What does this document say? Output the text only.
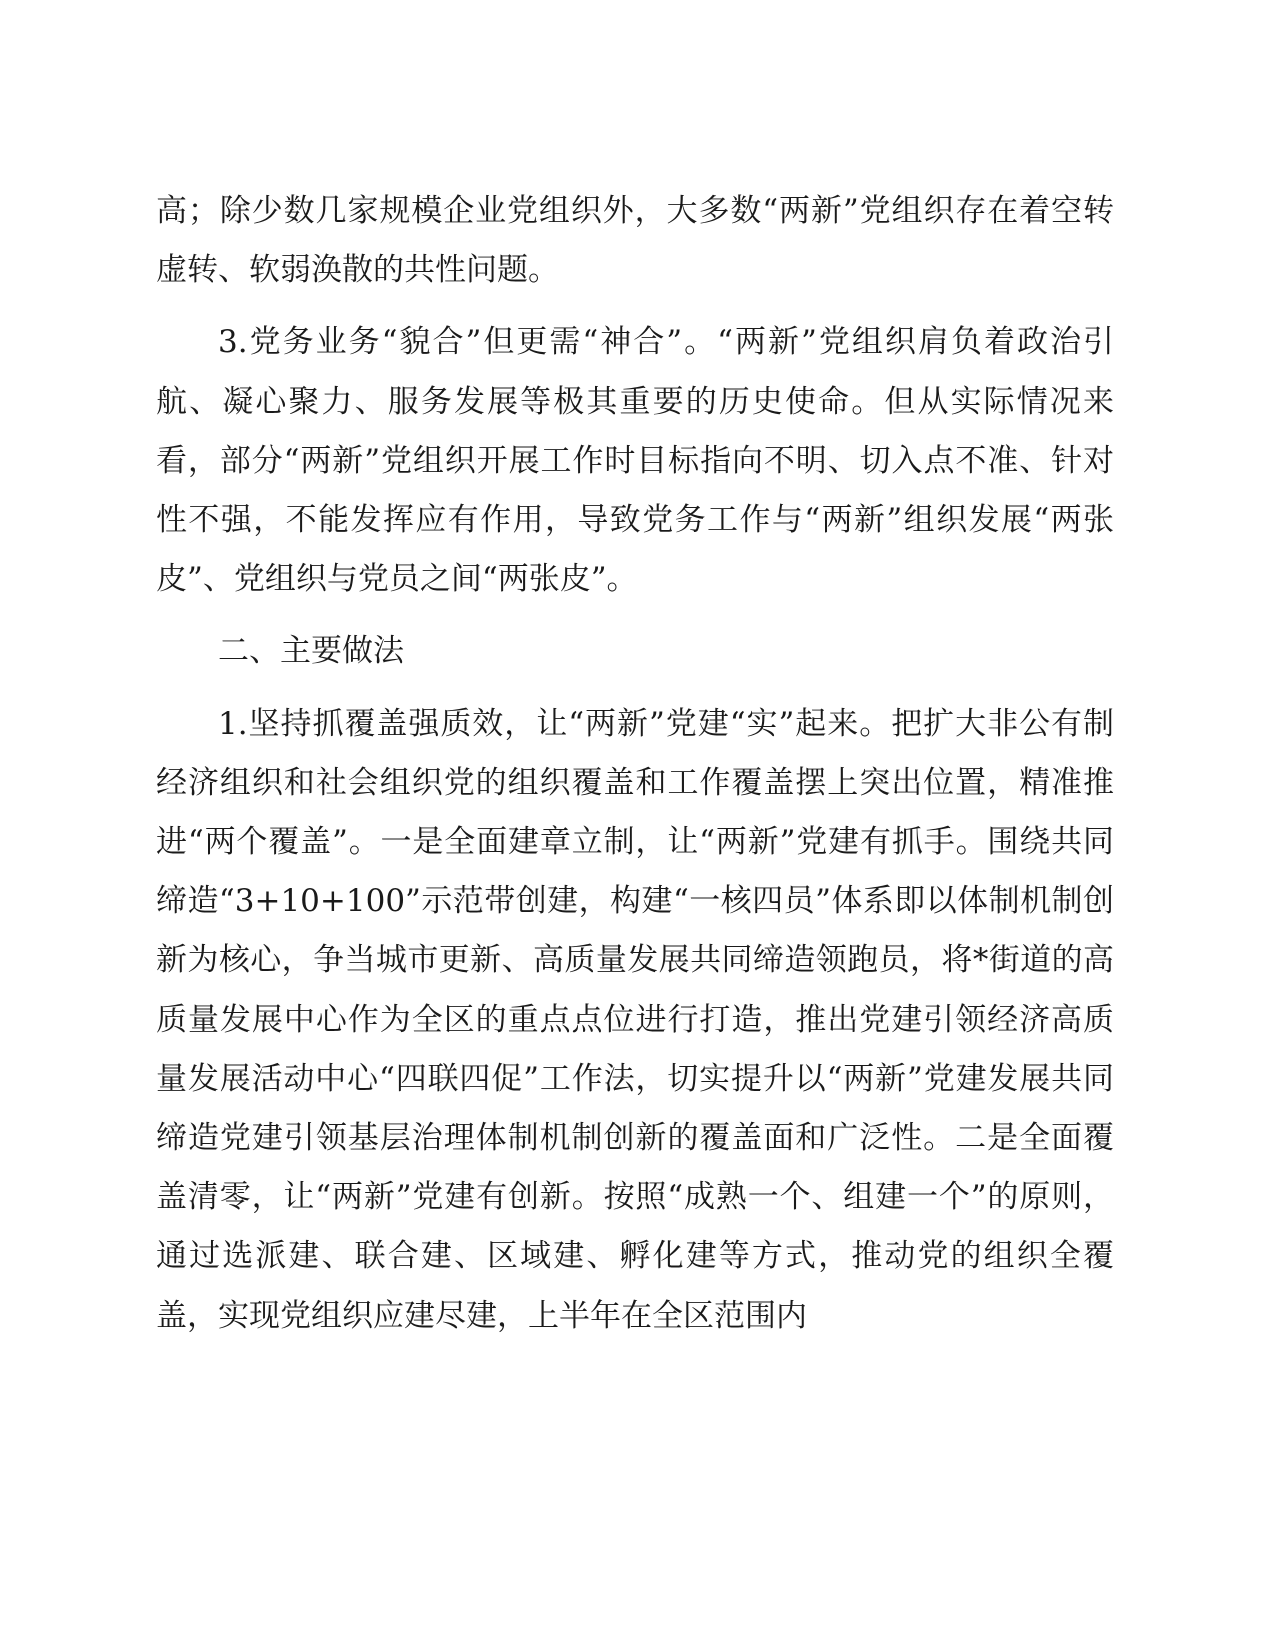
高；除少数几家规模企业党组织外，大多数“两新”党组织存在着空转虚转、软弱涣散的共性问题。

3.党务业务“貌合”但更需“神合”。“两新”党组织肩负着政治引航、凝心聚力、服务发展等极其重要的历史使命。但从实际情况来看，部分“两新”党组织开展工作时目标指向不明、切入点不准、针对性不强，不能发挥应有作用，导致党务工作与“两新”组织发展“两张皮”、党组织与党员之间“两张皮”。

二、主要做法

1.坚持抓覆盖强质效，让“两新”党建“实”起来。把扩大非公有制经济组织和社会组织党的组织覆盖和工作覆盖摆上突出位置，精准推进“两个覆盖”。一是全面建章立制，让“两新”党建有抓手。围绕共同缔造“3+10+100”示范带创建，构建“一核四员”体系即以体制机制创新为核心，争当城市更新、高质量发展共同缔造领跑员，将*街道的高质量发展中心作为全区的重点点位进行打造，推出党建引领经济高质量发展活动中心“四联四促”工作法，切实提升以“两新”党建发展共同缔造党建引领基层治理体制机制创新的覆盖面和广泛性。二是全面覆盖清零，让“两新”党建有创新。按照“成熟一个、组建一个”的原则，通过选派建、联合建、区域建、孵化建等方式，推动党的组织全覆盖，实现党组织应建尽建，上半年在全区范围内
